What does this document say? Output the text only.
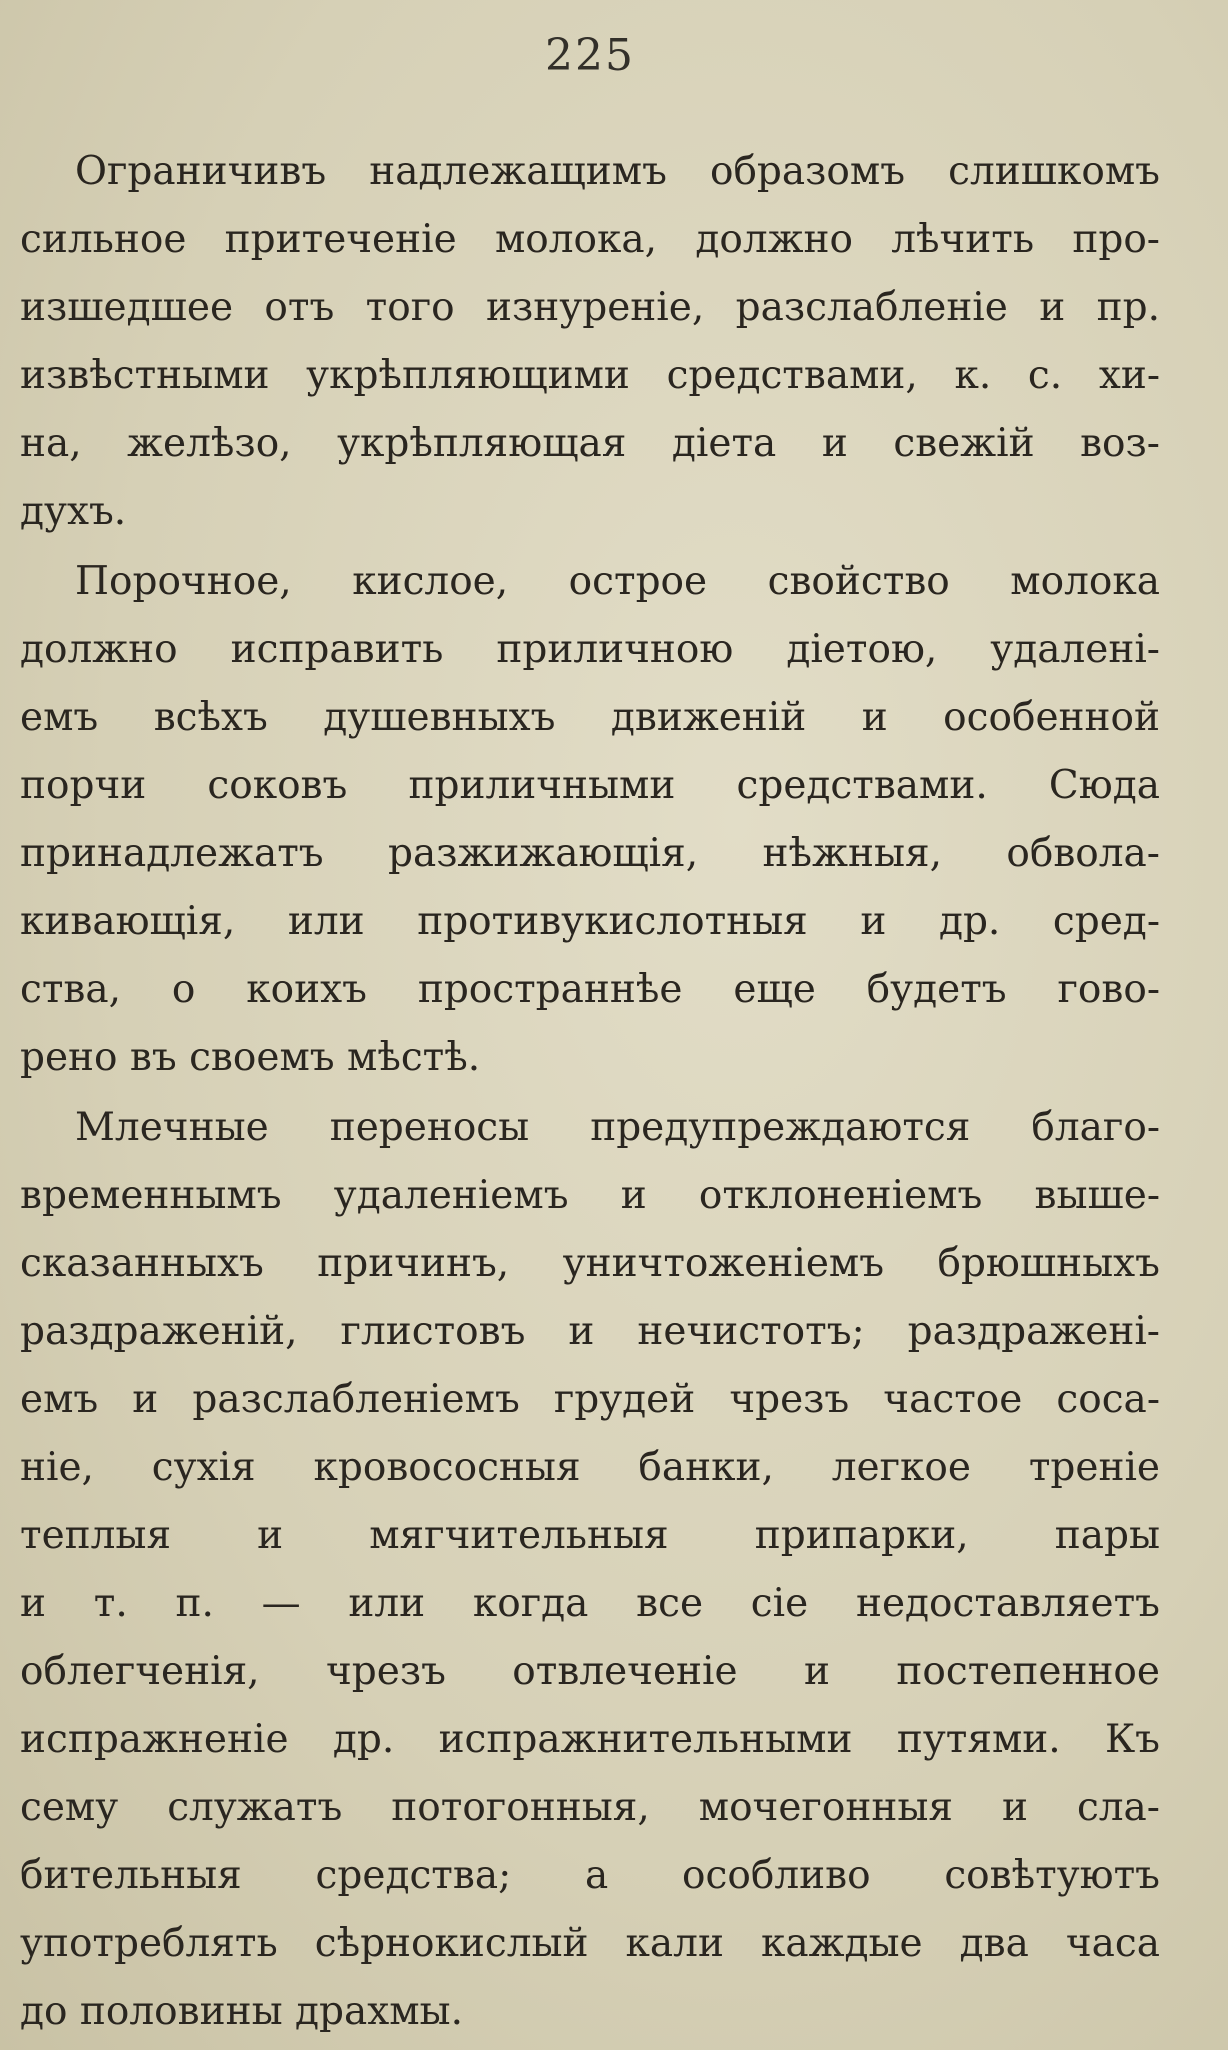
225

Ограничивъ надлежащимъ образомъ слишкомъ
сильное притеченіе молока, должно лѣчить про-
изшедшее отъ того изнуреніе, разслабленіе и пр.
извѣстными укрѣпляющими средствами, к. с. хи-
на, желѣзо, укрѣпляющая діета и свежій воз-
духъ.

Порочное, кислое, острое свойство молока
должно исправить приличною діетою, удалені-
емъ всѣхъ душевныхъ движеній и особенной
порчи соковъ приличными средствами. Сюда
принадлежатъ разжижающія, нѣжныя, обвола-
кивающія, или противукислотныя и др. сред-
ства, о коихъ пространнѣе еще будетъ гово-
рено въ своемъ мѣстѣ.

Млечные переносы предупреждаются благо-
временнымъ удаленіемъ и отклоненіемъ выше-
сказанныхъ причинъ, уничтоженіемъ брюшныхъ
раздраженій, глистовъ и нечистотъ; раздражені-
емъ и разслабленіемъ грудей чрезъ частое соса-
ніе, сухія кровососныя банки, легкое треніе
теплыя и мягчительныя припарки, пары
и т. п. — или когда все сіе недоставляетъ
облегченія, чрезъ отвлеченіе и постепенное
испражненіе др. испражнительными путями. Къ
сему служатъ потогонныя, мочегонныя и сла-
бительныя средства; а особливо совѣтуютъ
употреблять сѣрнокислый кали каждые два часа
до половины драхмы.
